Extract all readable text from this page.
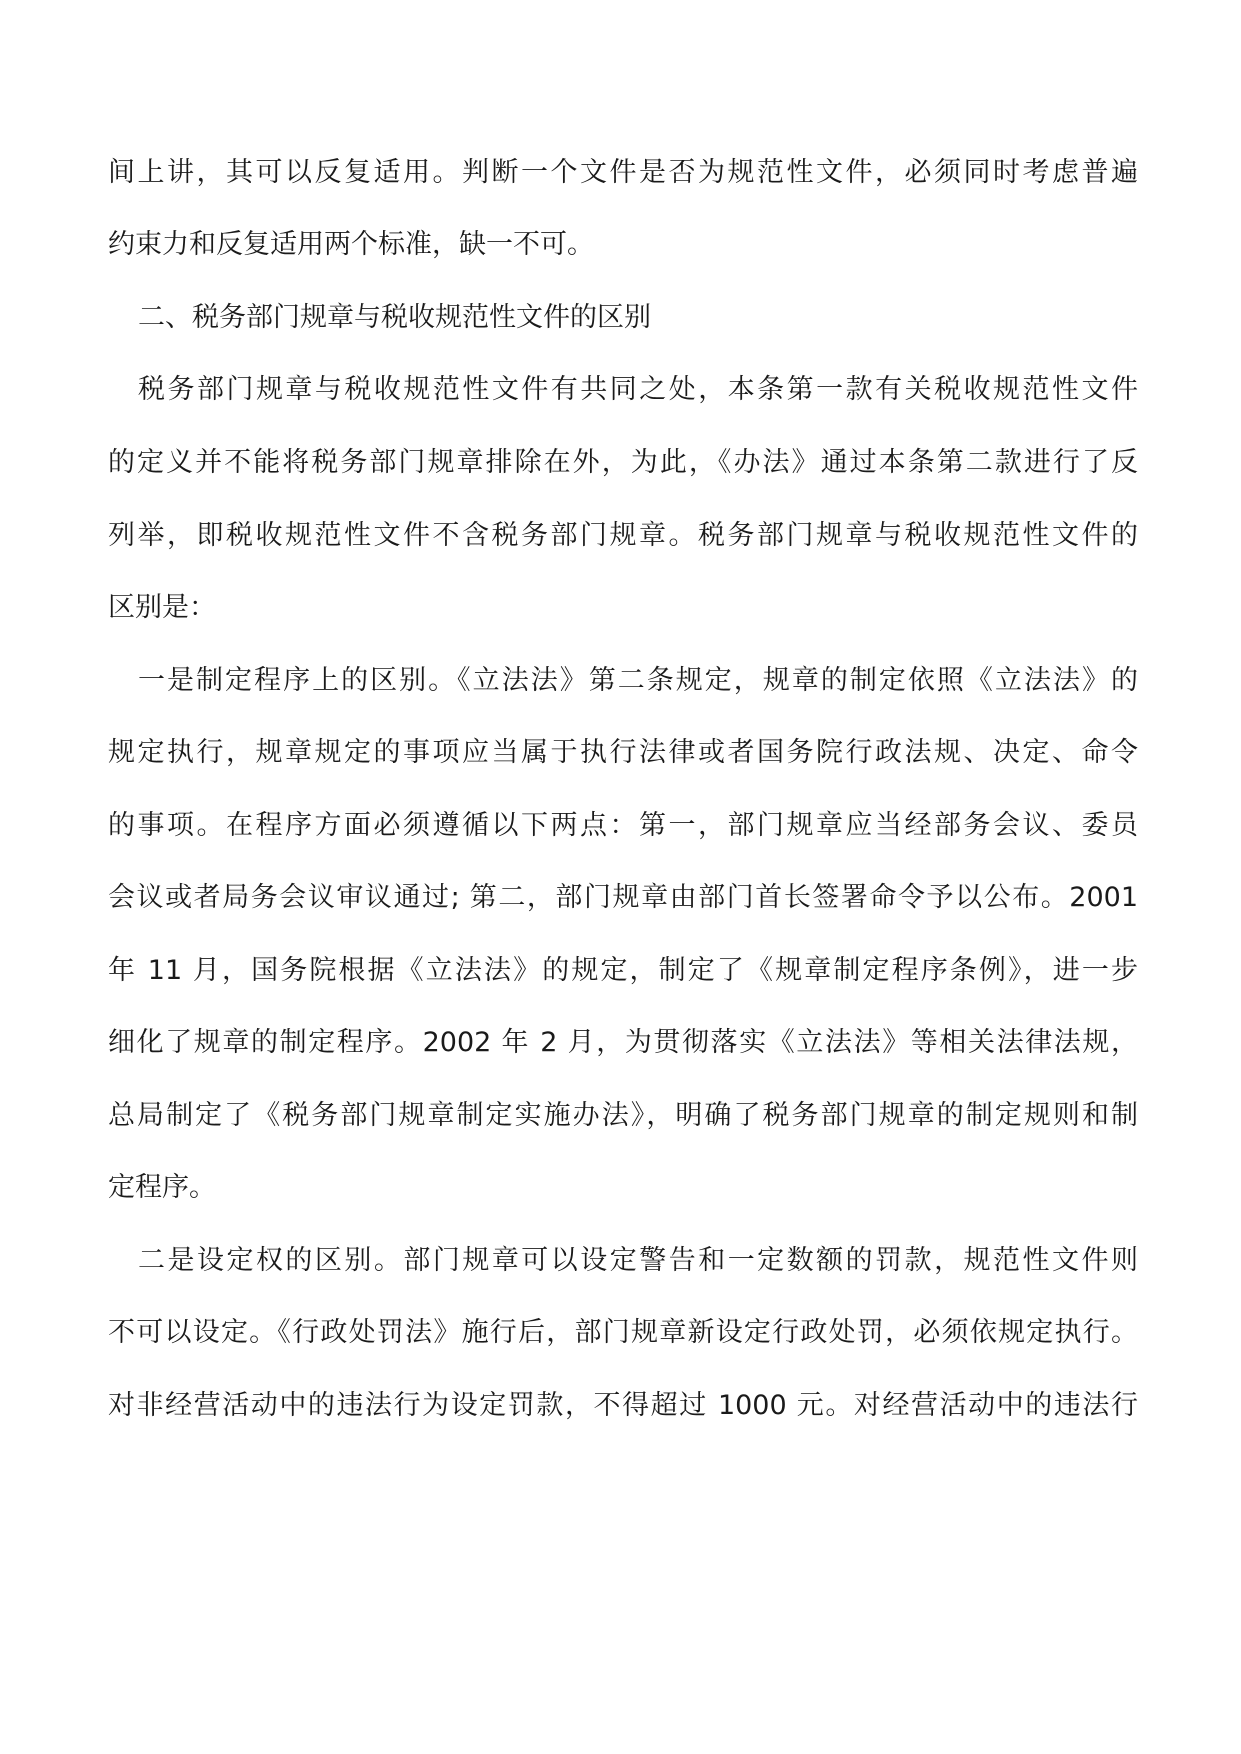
间上讲，其可以反复适用。判断一个文件是否为规范性文件，必须同时考虑普遍
约束力和反复适用两个标准，缺一不可。
二、税务部门规章与税收规范性文件的区别
税务部门规章与税收规范性文件有共同之处，本条第一款有关税收规范性文件
的定义并不能将税务部门规章排除在外，为此，《办法》通过本条第二款进行了反
列举，即税收规范性文件不含税务部门规章。税务部门规章与税收规范性文件的
区别是：
一是制定程序上的区别。《立法法》第二条规定，规章的制定依照《立法法》的
规定执行，规章规定的事项应当属于执行法律或者国务院行政法规、决定、命令
的事项。在程序方面必须遵循以下两点：第一，部门规章应当经部务会议、委员
会议或者局务会议审议通过; 第二，部门规章由部门首长签署命令予以公布。2001
年 11 月，国务院根据《立法法》的规定，制定了《规章制定程序条例》，进一步
细化了规章的制定程序。2002 年 2 月，为贯彻落实《立法法》等相关法律法规，
总局制定了《税务部门规章制定实施办法》，明确了税务部门规章的制定规则和制
定程序。
二是设定权的区别。部门规章可以设定警告和一定数额的罚款，规范性文件则
不可以设定。《行政处罚法》施行后，部门规章新设定行政处罚，必须依规定执行。
对非经营活动中的违法行为设定罚款，不得超过 1000 元。对经营活动中的违法行
